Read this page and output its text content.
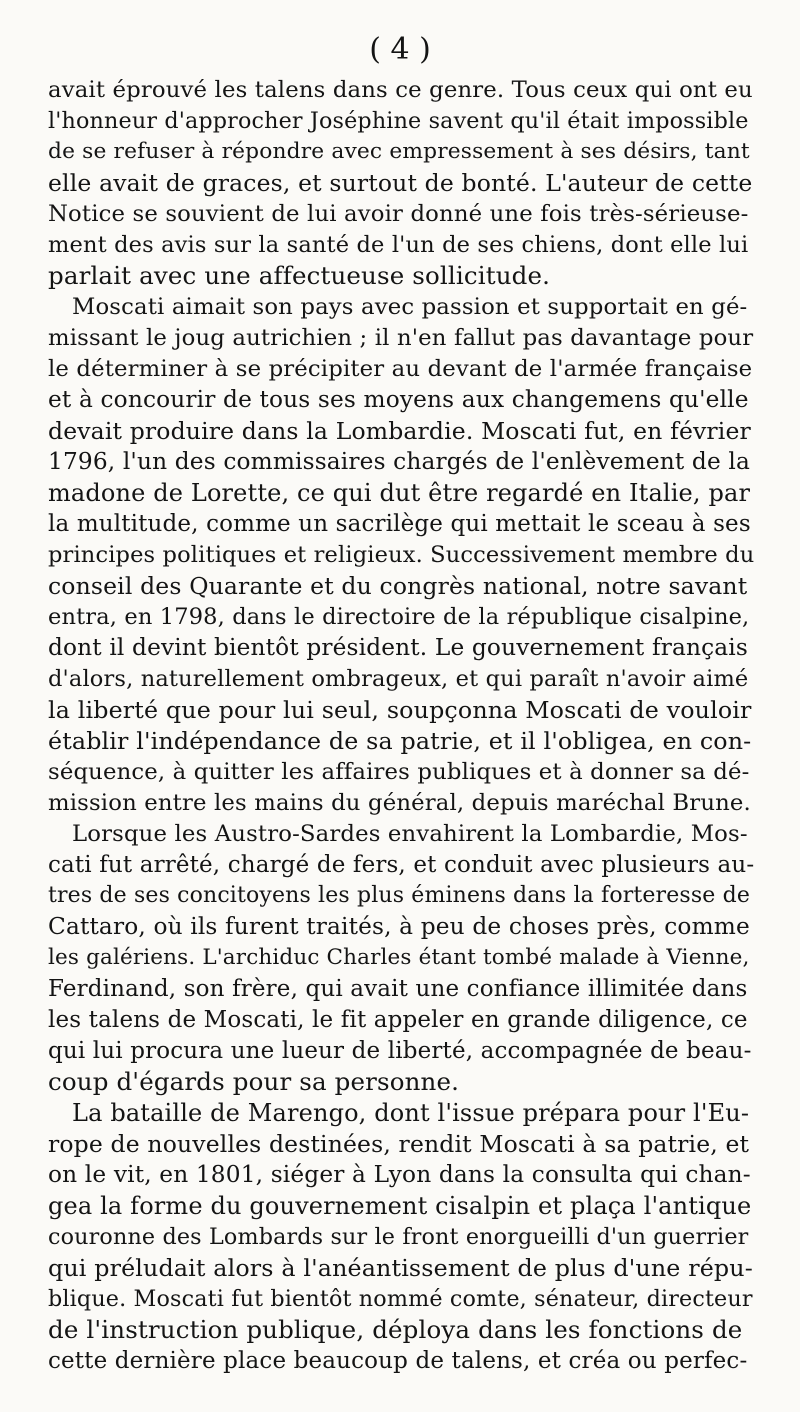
( 4 )
avait éprouvé les talens dans ce genre. Tous ceux qui ont eu
l'honneur d'approcher Joséphine savent qu'il était impossible
de se refuser à répondre avec empressement à ses désirs, tant
elle avait de graces, et surtout de bonté. L'auteur de cette
Notice se souvient de lui avoir donné une fois très-sérieuse-
ment des avis sur la santé de l'un de ses chiens, dont elle lui
parlait avec une affectueuse sollicitude.
Moscati aimait son pays avec passion et supportait en gé-
missant le joug autrichien ; il n'en fallut pas davantage pour
le déterminer à se précipiter au devant de l'armée française
et à concourir de tous ses moyens aux changemens qu'elle
devait produire dans la Lombardie. Moscati fut, en février
1796, l'un des commissaires chargés de l'enlèvement de la
madone de Lorette, ce qui dut être regardé en Italie, par
la multitude, comme un sacrilège qui mettait le sceau à ses
principes politiques et religieux. Successivement membre du
conseil des Quarante et du congrès national, notre savant
entra, en 1798, dans le directoire de la république cisalpine,
dont il devint bientôt président. Le gouvernement français
d'alors, naturellement ombrageux, et qui paraît n'avoir aimé
la liberté que pour lui seul, soupçonna Moscati de vouloir
établir l'indépendance de sa patrie, et il l'obligea, en con-
séquence, à quitter les affaires publiques et à donner sa dé-
mission entre les mains du général, depuis maréchal Brune.
Lorsque les Austro-Sardes envahirent la Lombardie, Mos-
cati fut arrêté, chargé de fers, et conduit avec plusieurs au-
tres de ses concitoyens les plus éminens dans la forteresse de
Cattaro, où ils furent traités, à peu de choses près, comme
les galériens. L'archiduc Charles étant tombé malade à Vienne,
Ferdinand, son frère, qui avait une confiance illimitée dans
les talens de Moscati, le fit appeler en grande diligence, ce
qui lui procura une lueur de liberté, accompagnée de beau-
coup d'égards pour sa personne.
La bataille de Marengo, dont l'issue prépara pour l'Eu-
rope de nouvelles destinées, rendit Moscati à sa patrie, et
on le vit, en 1801, siéger à Lyon dans la consulta qui chan-
gea la forme du gouvernement cisalpin et plaça l'antique
couronne des Lombards sur le front enorgueilli d'un guerrier
qui préludait alors à l'anéantissement de plus d'une répu-
blique. Moscati fut bientôt nommé comte, sénateur, directeur
de l'instruction publique, déploya dans les fonctions de
cette dernière place beaucoup de talens, et créa ou perfec-
